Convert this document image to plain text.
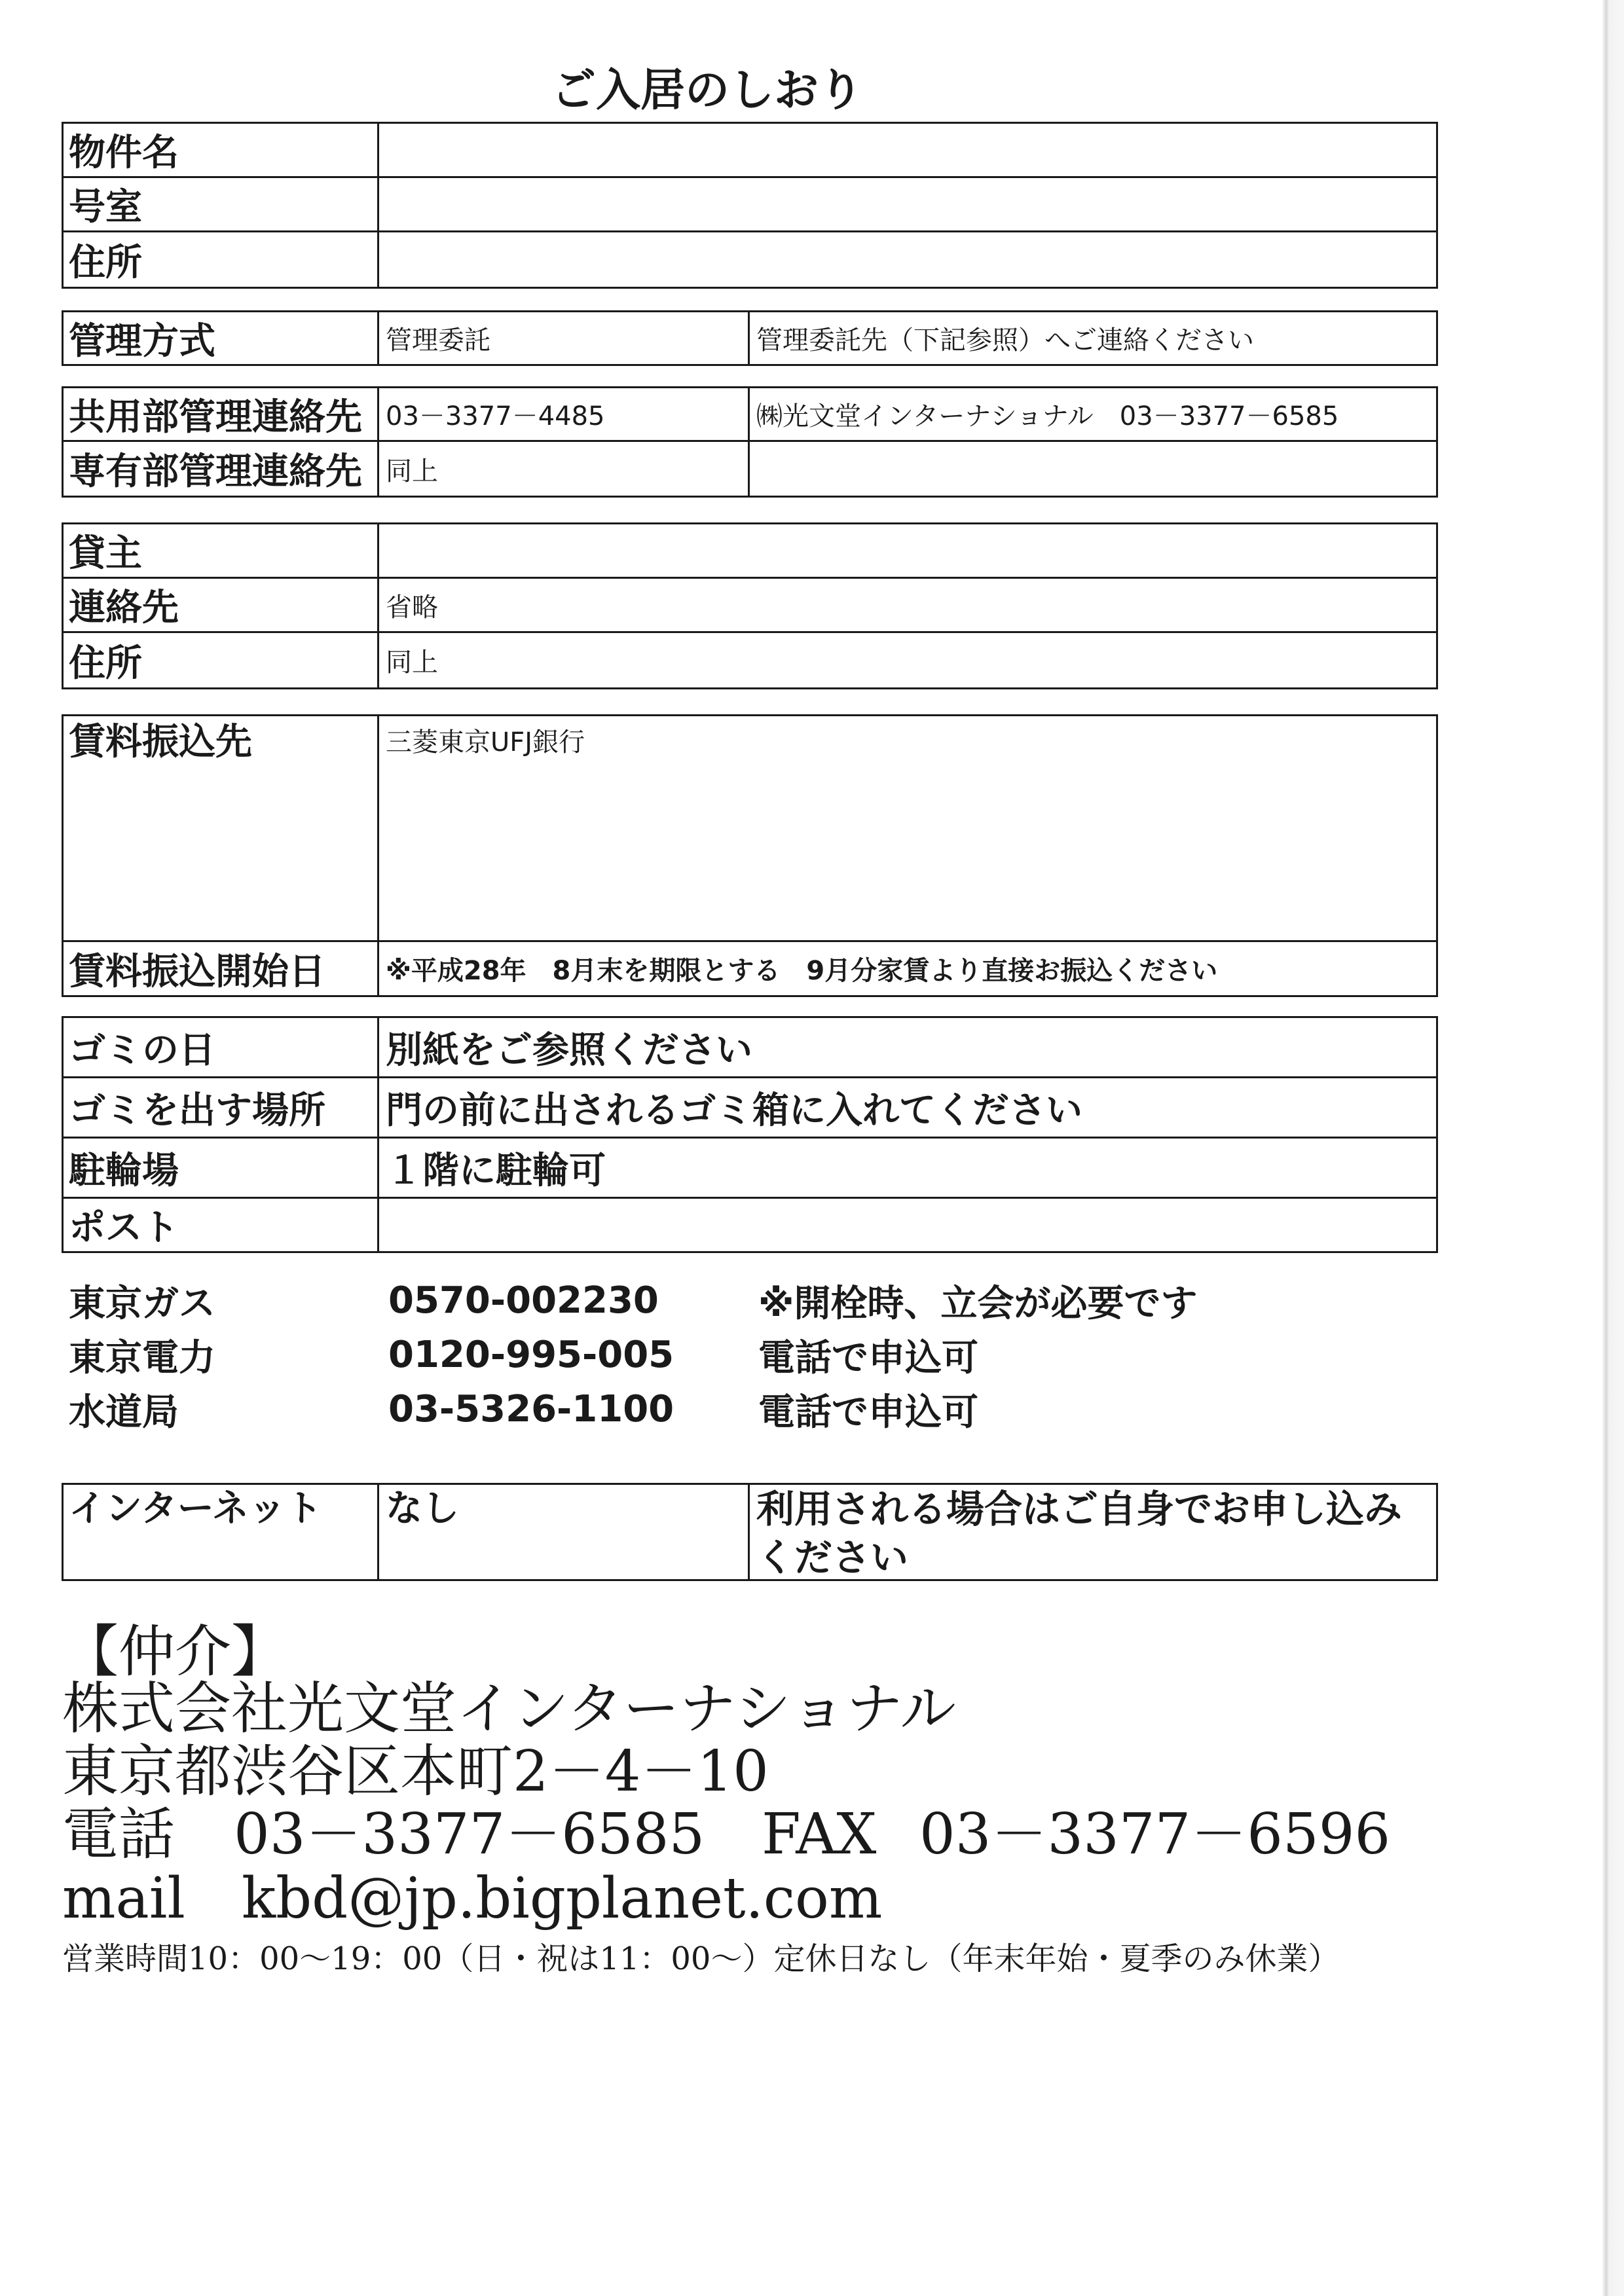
ご入居のしおり
物件名
号室
住所
管理方式	管理委託	管理委託先（下記参照）へご連絡ください
共用部管理連絡先 03－3377－4485	㈱光文堂インターナショナル　03－3377－6585
専有部管理連絡先 同上
貸主
連絡先	省略
住所	同上
賃料振込先	三菱東京UFJ銀行
賃料振込開始日	※平成28年　8月末を期限とする　9月分家賃より直接お振込ください
ゴミの日	別紙をご参照ください
ゴミを出す場所	門の前に出されるゴミ箱に入れてください
駐輪場	１階に駐輪可
ポスト
東京ガス	0570-002230	※開栓時、立会が必要です
東京電力	0120-995-005	電話で申込可
水道局	03-5326-1100	電話で申込可
インターネット	なし	利用される場合はご自身でお申し込みください
【仲介】
株式会社光文堂インターナショナル
東京都渋谷区本町2－4－10
電話 03－3377－6585 FAX 03－3377－6596
mail kbd@jp.bigplanet.com
営業時間10：00～19：00（日・祝は11：00～）定休日なし（年末年始・夏季のみ休業）
